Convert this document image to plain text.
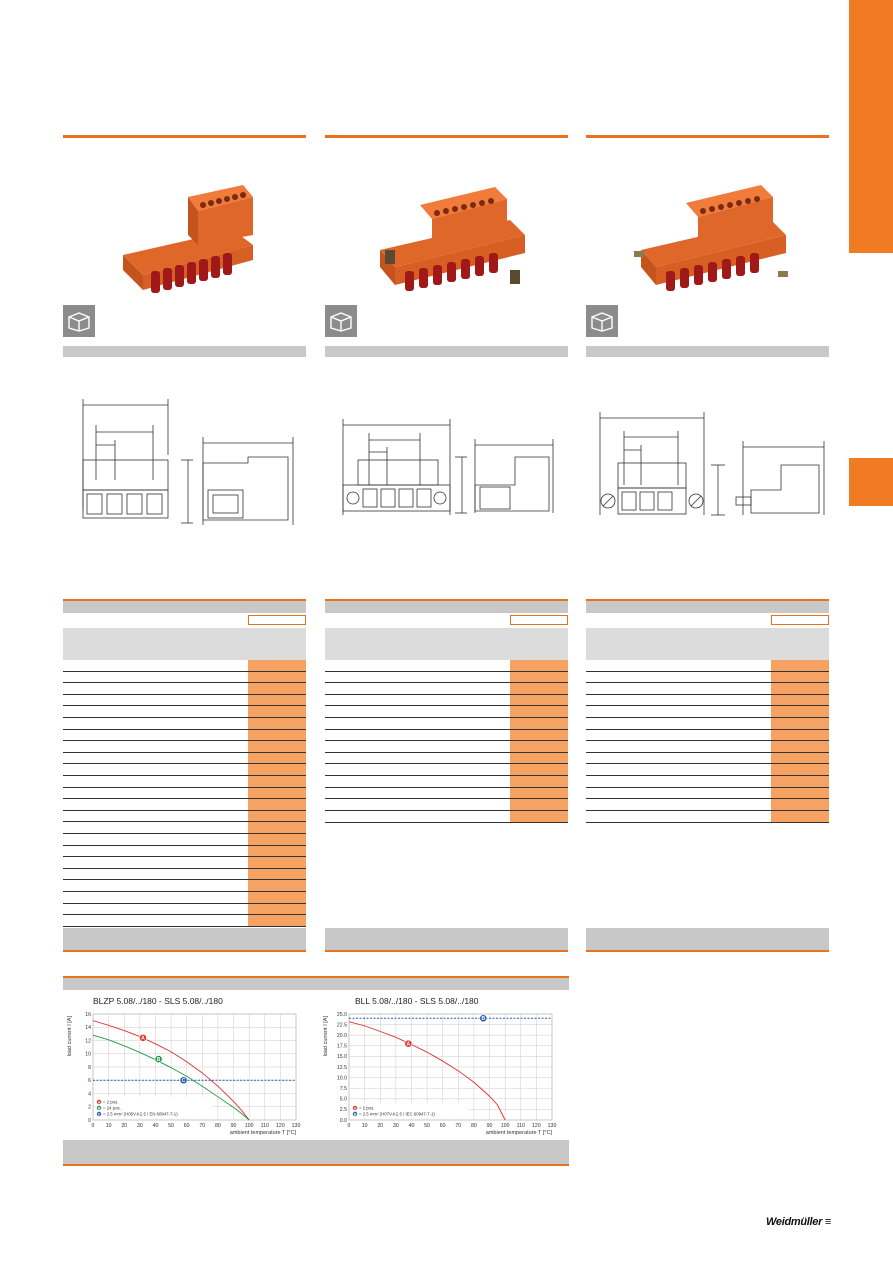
BLZP 5.08/../180 - SLS 5.08/../180	BLL 5.08/../180 - SLS 5.08/../180
0 10 20 30 40 50 60 70 80 90 100 110 120 130
0
2
4
6
8
10
12
14
16
ambient temperature T [°C]
load current I [A]	A
B
C
A = 2 pos.
B = 24 pos.
C = 2.5 mm² (H05V-K2.5 / EN 60947-7-1)
0 10 20 30 40 50 60 70 80 90 100 110 120 130
0.0
2.5
5.0
7.5
10.0
12.5
15.0
17.5
20.0
22.5
25.0
ambient temperature T [°C]
load current I [A]	A
B
A = 2 pos.
B = 2.5 mm² (H07V-K2.5 / IEC 60947-7-1)
Weidmüller ≡
